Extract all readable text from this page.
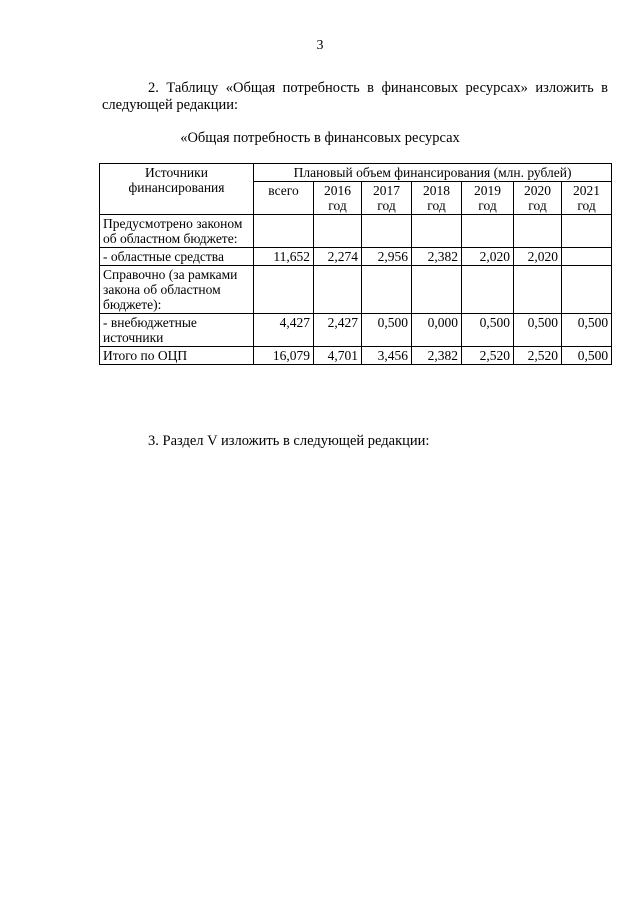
3
2. Таблицу «Общая потребность в финансовых ресурсах» изложить в следующей редакции:
«Общая потребность в финансовых ресурсах
Источники финансирования	Плановый объем финансирования (млн. рублей)						
	всего	2016 год	2017 год	2018 год	2019 год	2020 год	2021 год
Предусмотрено законом об областном бюджете:							
- областные средства	11,652	2,274	2,956	2,382	2,020	2,020	
Справочно (за рамками закона об областном бюджете):							
- внебюджетные источники	4,427	2,427	0,500	0,000	0,500	0,500	0,500
Итого по ОЦП	16,079	4,701	3,456	2,382	2,520	2,520	0,500
3. Раздел V изложить в следующей редакции:
